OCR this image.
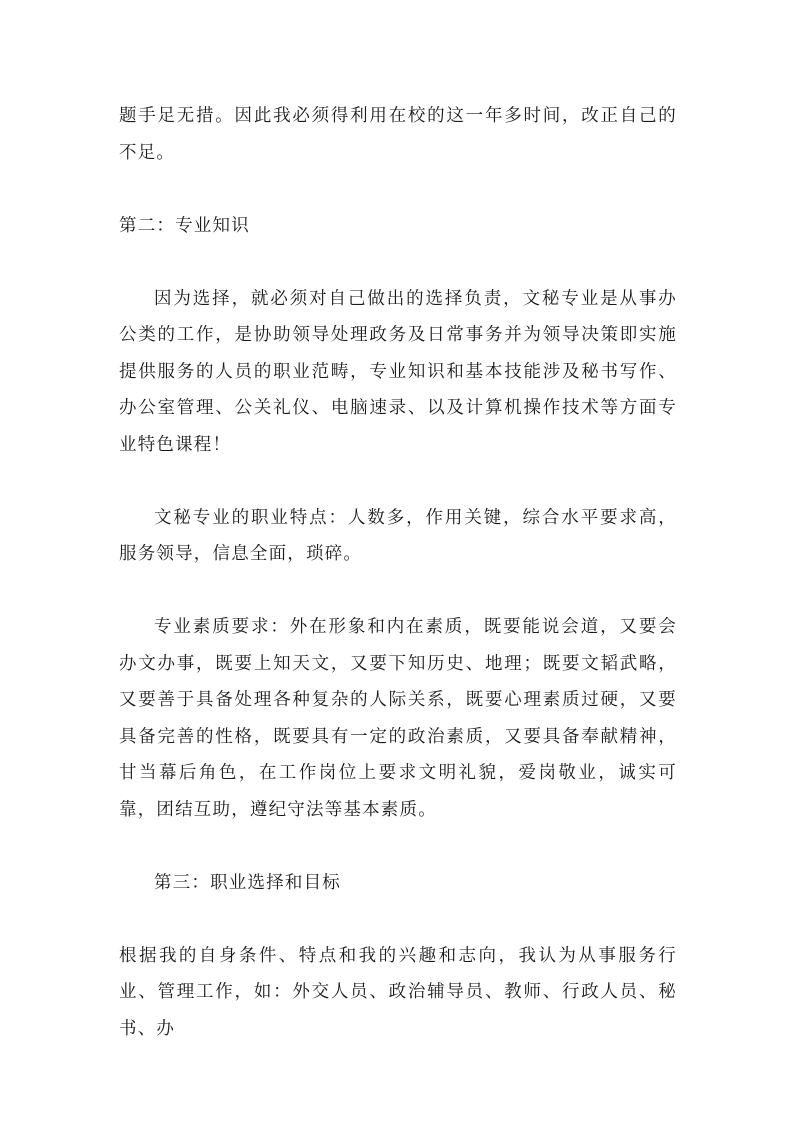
题手足无措。因此我必须得利用在校的这一年多时间，改正自己的不足。

第二：专业知识

因为选择，就必须对自己做出的选择负责，文秘专业是从事办公类的工作，是协助领导处理政务及日常事务并为领导决策即实施提供服务的人员的职业范畴，专业知识和基本技能涉及秘书写作、办公室管理、公关礼仪、电脑速录、以及计算机操作技术等方面专业特色课程！

文秘专业的职业特点：人数多，作用关键，综合水平要求高，服务领导，信息全面，琐碎。

专业素质要求：外在形象和内在素质，既要能说会道，又要会办文办事，既要上知天文，又要下知历史、地理；既要文韬武略，又要善于具备处理各种复杂的人际关系，既要心理素质过硬，又要具备完善的性格，既要具有一定的政治素质，又要具备奉献精神，甘当幕后角色，在工作岗位上要求文明礼貌，爱岗敬业，诚实可靠，团结互助，遵纪守法等基本素质。

第三：职业选择和目标

根据我的自身条件、特点和我的兴趣和志向，我认为从事服务行业、管理工作，如：外交人员、政治辅导员、教师、行政人员、秘书、办
